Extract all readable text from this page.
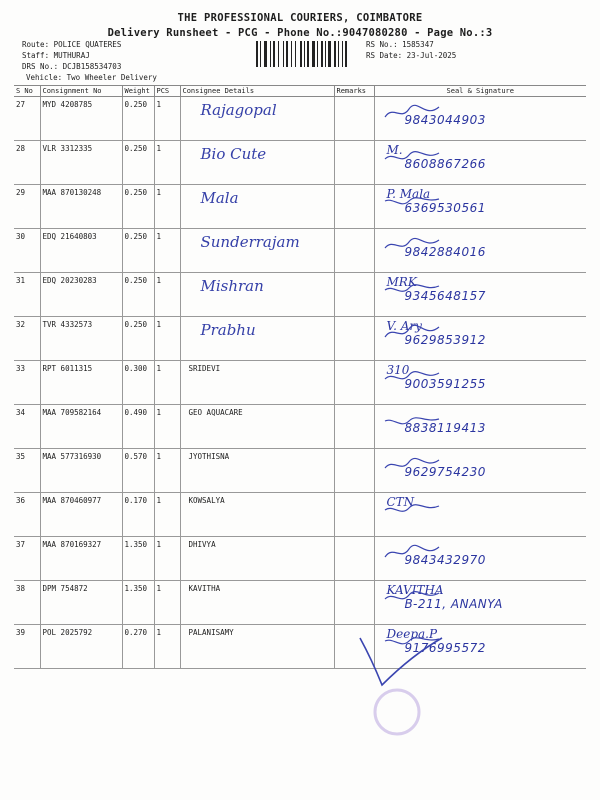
THE PROFESSIONAL COURIERS, COIMBATORE
Delivery Runsheet - PCG - Phone No.:9047080280 - Page No.:3
Route: POLICE QUATERES
Staff: MUTHURAJ
DRS No.: DCJB158534703
Vehicle: Two Wheeler Delivery
RS No.: 1585347
RS Date: 23-Jul-2025
S No	Consignment No	Weight	PCS	Consignee Details	Remarks	Seal & Signature
27	MYD 4208785	0.250	1	Rajagopal		9843044903

28	VLR 3312335	0.250	1	Bio Cute		M.
8608867266

29	MAA 870130248	0.250	1	Mala		P. Mala
6369530561

30	EDQ 21640803	0.250	1	Sunderrajam		9842884016

31	EDQ 20230283	0.250	1	Mishran		MRK
9345648157

32	TVR 4332573	0.250	1	Prabhu		V. Ary
9629853912

33	RPT 6011315	0.300	1	SRIDEVI		310
9003591255

34	MAA 709582164	0.490	1	GEO AQUACARE		8838119413

35	MAA 577316930	0.570	1	JYOTHISNA		9629754230

36	MAA 870460977	0.170	1	KOWSALYA		CTN

37	MAA 870169327	1.350	1	DHIVYA		9843432970

38	DPM 754872	1.350	1	KAVITHA		KAVITHA
B-211, ANANYA

39	POL 2025792	0.270	1	PALANISAMY		Deepa.P
9176995572
